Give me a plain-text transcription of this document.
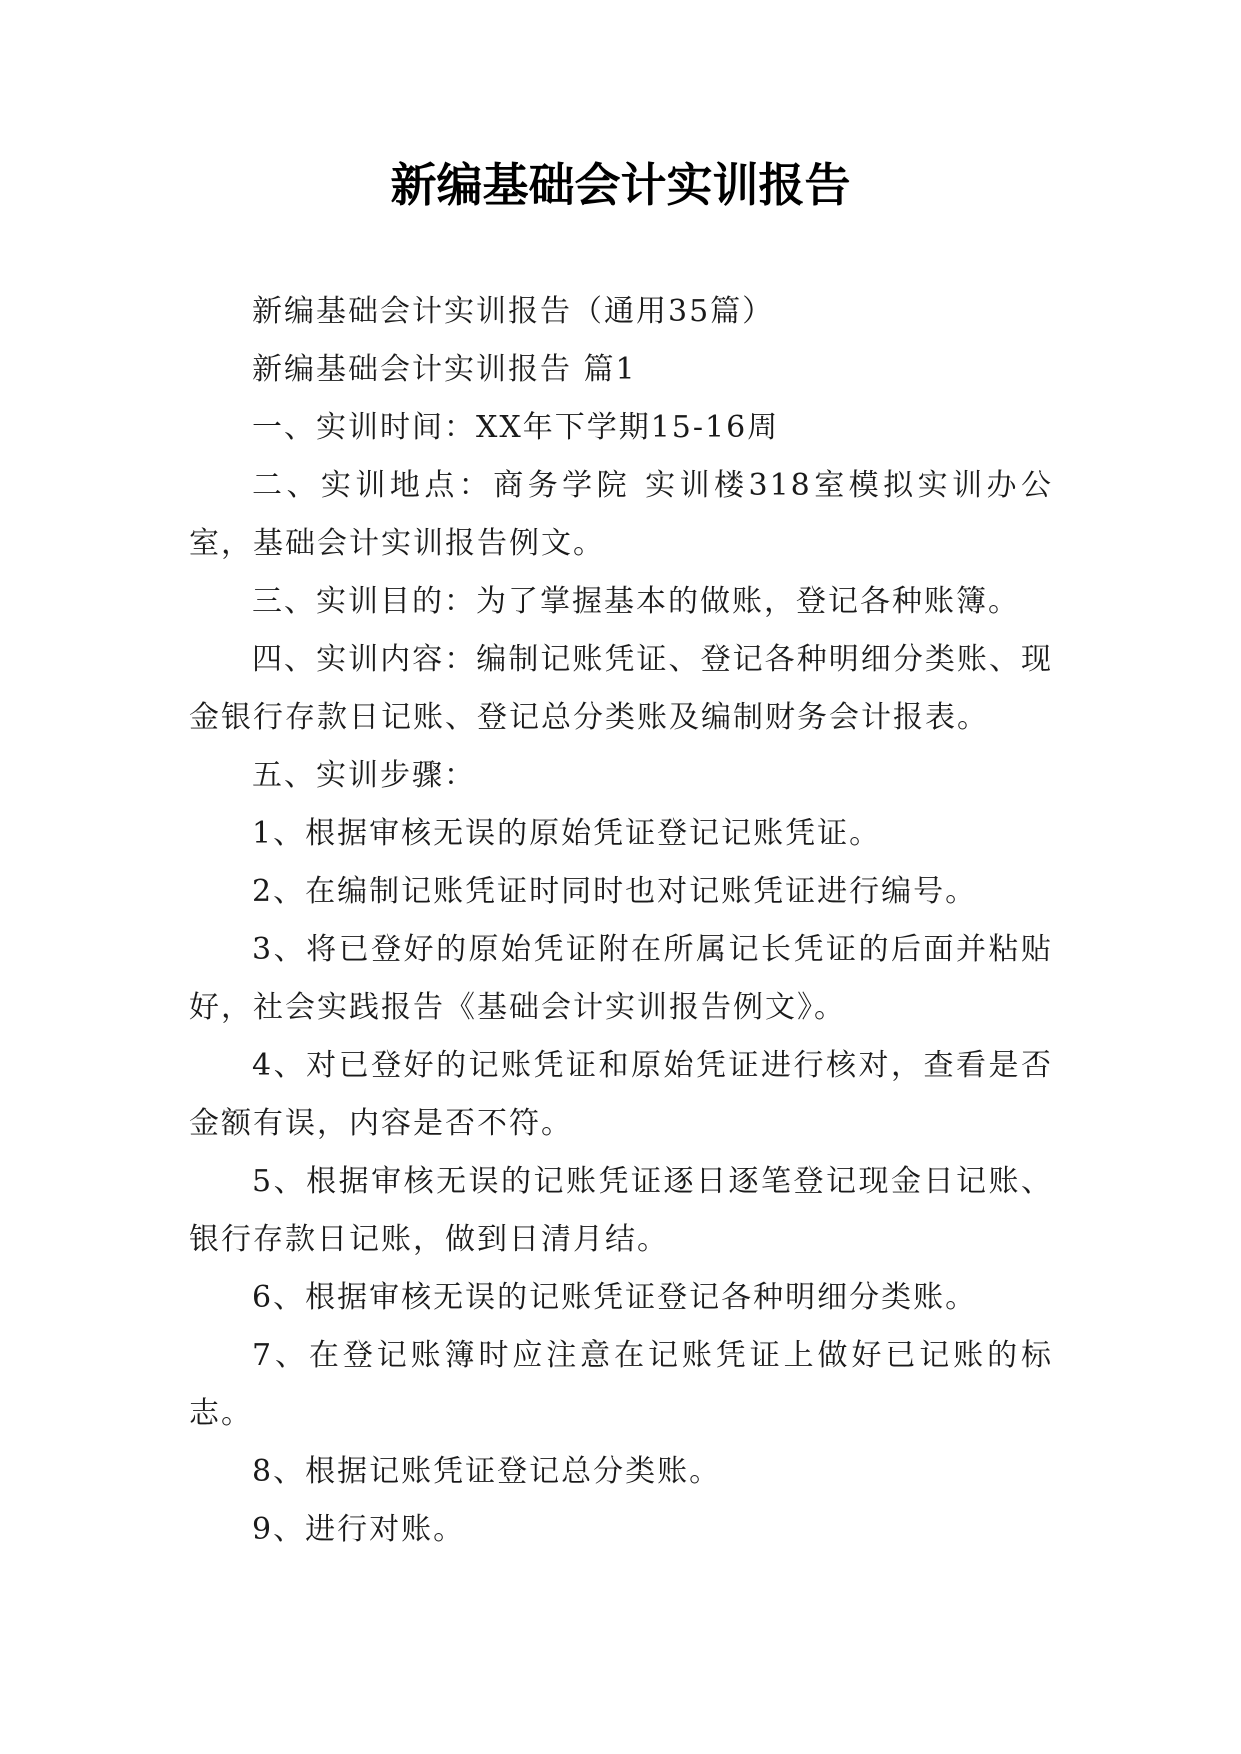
新编基础会计实训报告

新编基础会计实训报告（通用35篇）

新编基础会计实训报告 篇1

一、实训时间：XX年下学期15-16周

二、实训地点：商务学院 实训楼318室模拟实训办公室，基础会计实训报告例文。

三、实训目的：为了掌握基本的做账，登记各种账簿。

四、实训内容：编制记账凭证、登记各种明细分类账、现金银行存款日记账、登记总分类账及编制财务会计报表。

五、实训步骤：

1、根据审核无误的原始凭证登记记账凭证。

2、在编制记账凭证时同时也对记账凭证进行编号。

3、将已登好的原始凭证附在所属记长凭证的后面并粘贴好，社会实践报告《基础会计实训报告例文》。

4、对已登好的记账凭证和原始凭证进行核对，查看是否金额有误，内容是否不符。

5、根据审核无误的记账凭证逐日逐笔登记现金日记账、银行存款日记账，做到日清月结。

6、根据审核无误的记账凭证登记各种明细分类账。

7、在登记账簿时应注意在记账凭证上做好已记账的标志。

8、根据记账凭证登记总分类账。

9、进行对账。
